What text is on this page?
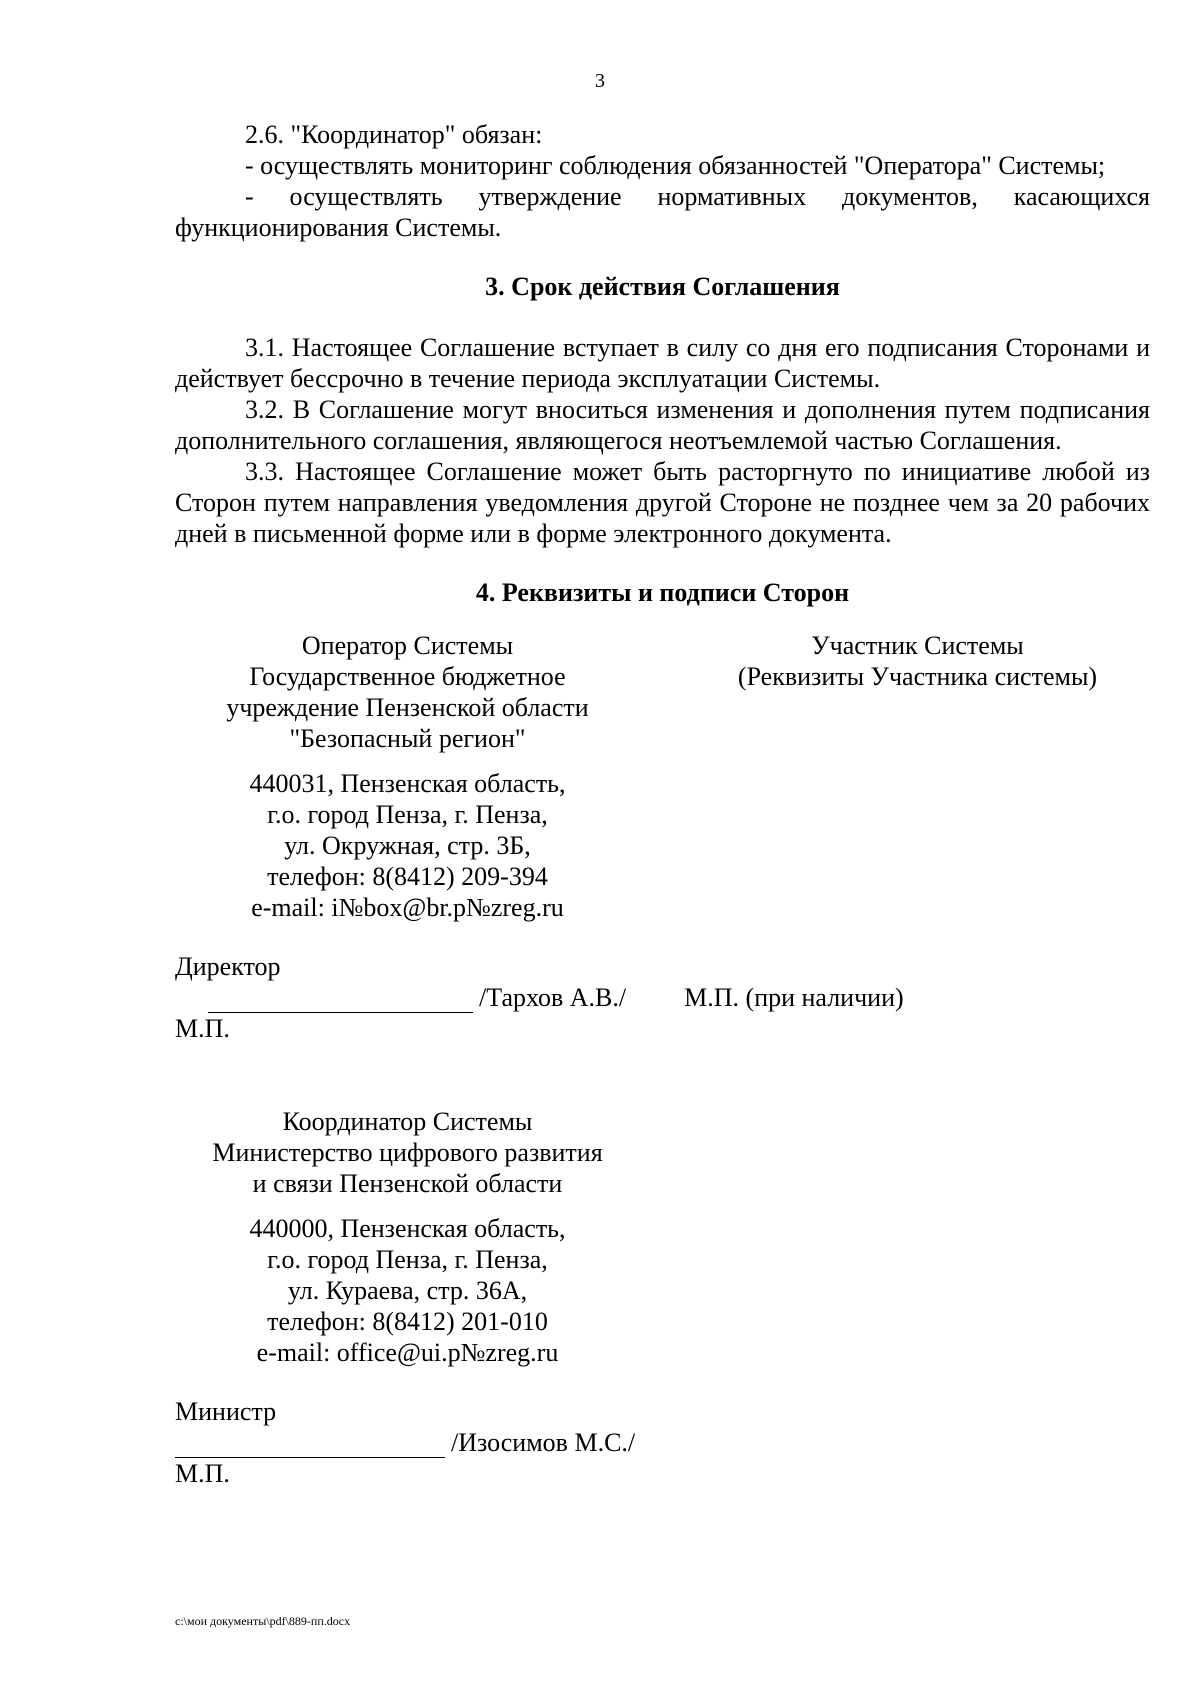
3

2.6. "Координатор" обязан:

- осуществлять мониторинг соблюдения обязанностей "Оператора" Системы;

- осуществлять утверждение нормативных документов, касающихся функционирования Системы.

3. Срок действия Соглашения

3.1. Настоящее Соглашение вступает в силу со дня его подписания Сторонами и действует бессрочно в течение периода эксплуатации Системы.

3.2. В Соглашение могут вноситься изменения и дополнения путем подписания дополнительного соглашения, являющегося неотъемлемой частью Соглашения.

3.3. Настоящее Соглашение может быть расторгнуто по инициативе любой из Сторон путем направления уведомления другой Стороне не позднее чем за 20 рабочих дней в письменной форме или в форме электронного документа.

4. Реквизиты и подписи Сторон

Оператор Системы

Государственное бюджетное

учреждение Пензенской области

"Безопасный регион"

440031, Пензенская область,

г.о. город Пенза, г. Пенза,

ул. Окружная, стр. 3Б,

телефон: 8(8412) 209-394

e-mail: i№box@br.p№zreg.ru

Участник Системы

(Реквизиты Участника системы)

Директор

/Тархов А.В./ М.П. (при наличии)

М.П.

Координатор Системы

Министерство цифрового развития

и связи Пензенской области

440000, Пензенская область,

г.о. город Пенза, г. Пенза,

ул. Кураева, стр. 36А,

телефон: 8(8412) 201-010

e-mail: office@ui.p№zreg.ru

Министр

/Изосимов М.С./

М.П.

c:\мои документы\pdf\889-пп.docx
